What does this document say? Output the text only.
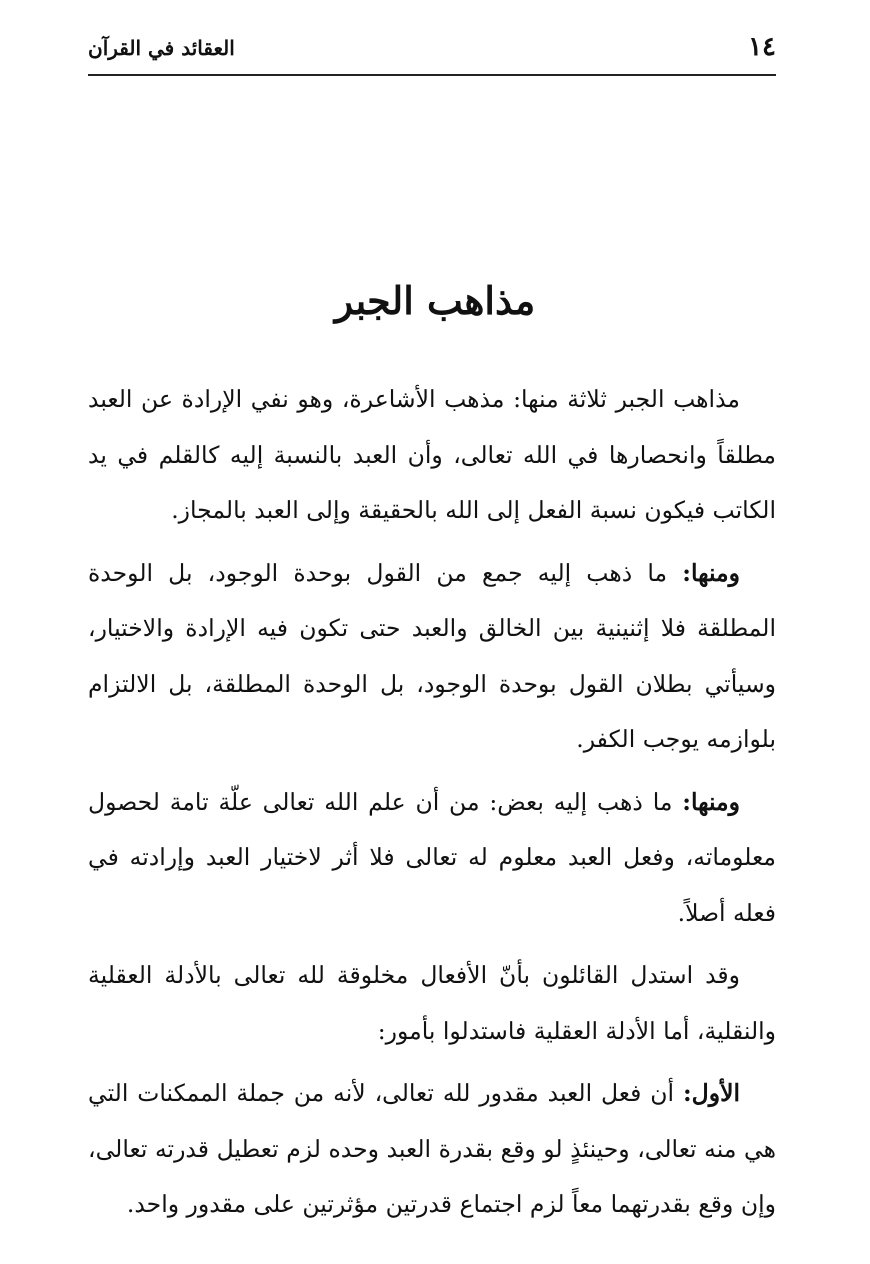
١٤
العقائد في القرآن
مذاهب الجبر

مذاهب الجبر ثلاثة منها: مذهب الأشاعرة، وهو نفي الإرادة عن العبد مطلقاً وانحصارها في الله تعالى، وأن العبد بالنسبة إليه كالقلم في يد الكاتب فيكون نسبة الفعل إلى الله بالحقيقة وإلى العبد بالمجاز.

ومنها: ما ذهب إليه جمع من القول بوحدة الوجود، بل الوحدة المطلقة فلا إثنينية بين الخالق والعبد حتى تكون فيه الإرادة والاختيار، وسيأتي بطلان القول بوحدة الوجود، بل الوحدة المطلقة، بل الالتزام بلوازمه يوجب الكفر.

ومنها: ما ذهب إليه بعض: من أن علم الله تعالى علّة تامة لحصول معلوماته، وفعل العبد معلوم له تعالى فلا أثر لاختيار العبد وإرادته في فعله أصلاً.

وقد استدل القائلون بأنّ الأفعال مخلوقة لله تعالى بالأدلة العقلية والنقلية، أما الأدلة العقلية فاستدلوا بأمور:

الأول: أن فعل العبد مقدور لله تعالى، لأنه من جملة الممكنات التي هي منه تعالى، وحينئذٍ لو وقع بقدرة العبد وحده لزم تعطيل قدرته تعالى، وإن وقع بقدرتهما معاً لزم اجتماع قدرتين مؤثرتين على مقدور واحد.
